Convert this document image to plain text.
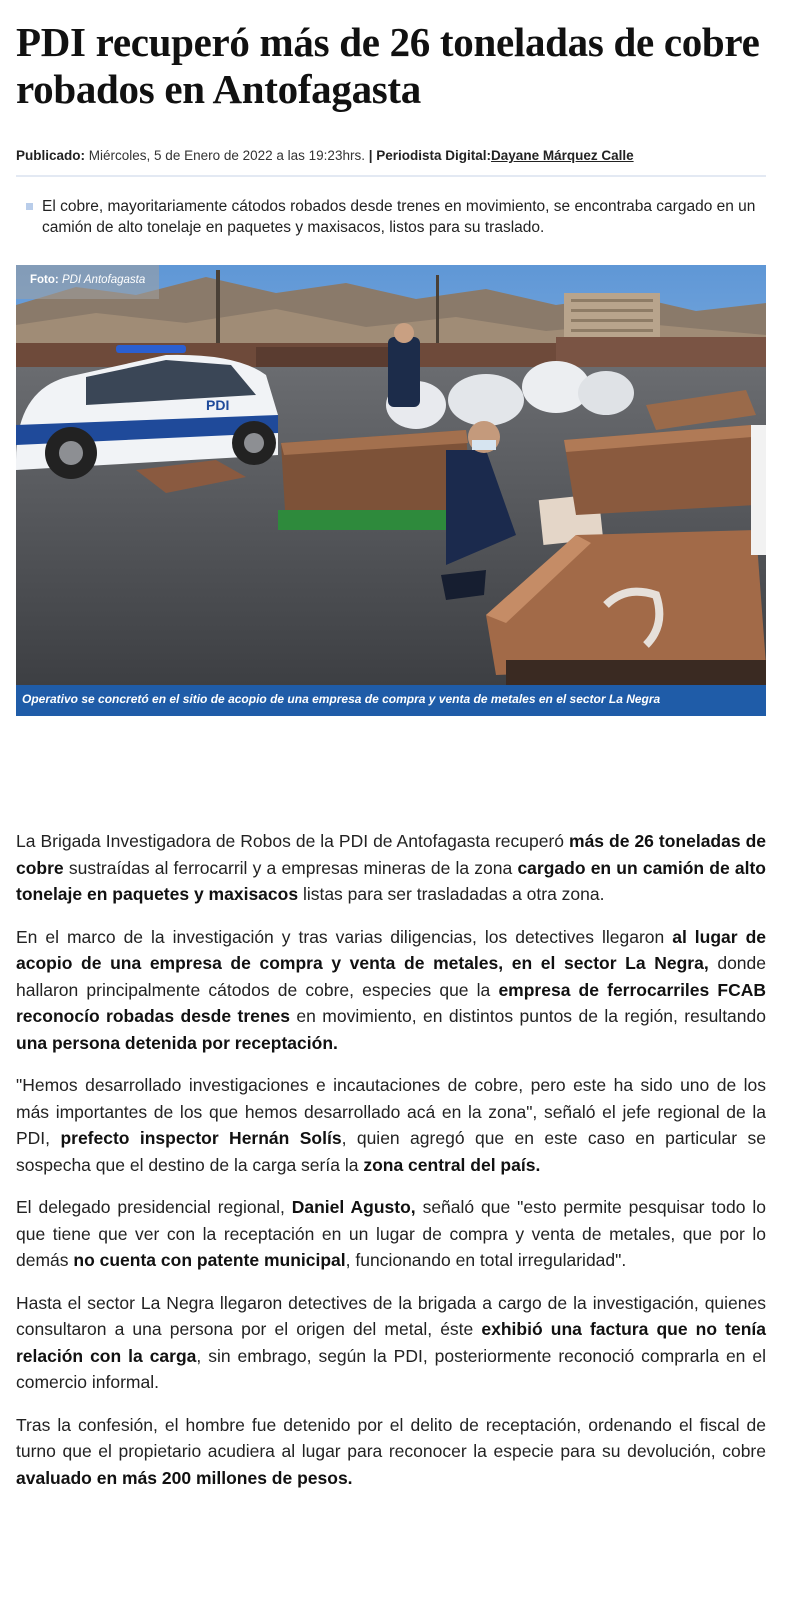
PDI recuperó más de 26 toneladas de cobre robados en Antofagasta
Publicado: Miércoles, 5 de Enero de 2022 a las 19:23hrs. | Periodista Digital:Dayane Márquez Calle
El cobre, mayoritariamente cátodos robados desde trenes en movimiento, se encontraba cargado en un camión de alto tonelaje en paquetes y maxisacos, listos para su traslado.
PDI
Foto: PDI Antofagasta
Operativo se concretó en el sitio de acopio de una empresa de compra y venta de metales en el sector La Negra

La Brigada Investigadora de Robos de la PDI de Antofagasta recuperó más de 26 toneladas de cobre sustraídas al ferrocarril y a empresas mineras de la zona cargado en un camión de alto tonelaje en paquetes y maxisacos listas para ser trasladadas a otra zona.

En el marco de la investigación y tras varias diligencias, los detectives llegaron al lugar de acopio de una empresa de compra y venta de metales, en el sector La Negra, donde hallaron principalmente cátodos de cobre, especies que la empresa de ferrocarriles FCAB reconocío robadas desde trenes en movimiento, en distintos puntos de la región, resultando una persona detenida por receptación.

"Hemos desarrollado investigaciones e incautaciones de cobre, pero este ha sido uno de los más importantes de los que hemos desarrollado acá en la zona", señaló el jefe regional de la PDI, prefecto inspector Hernán Solís, quien agregó que en este caso en particular se sospecha que el destino de la carga sería la zona central del país.

El delegado presidencial regional, Daniel Agusto, señaló que "esto permite pesquisar todo lo que tiene que ver con la receptación en un lugar de compra y venta de metales, que por lo demás no cuenta con patente municipal, funcionando en total irregularidad".

Hasta el sector La Negra llegaron detectives de la brigada a cargo de la investigación, quienes consultaron a una persona por el origen del metal, éste exhibió una factura que no tenía relación con la carga, sin embrago, según la PDI, posteriormente reconoció comprarla en el comercio informal.

Tras la confesión, el hombre fue detenido por el delito de receptación, ordenando el fiscal de turno que el propietario acudiera al lugar para reconocer la especie para su devolución, cobre avaluado en más 200 millones de pesos.
